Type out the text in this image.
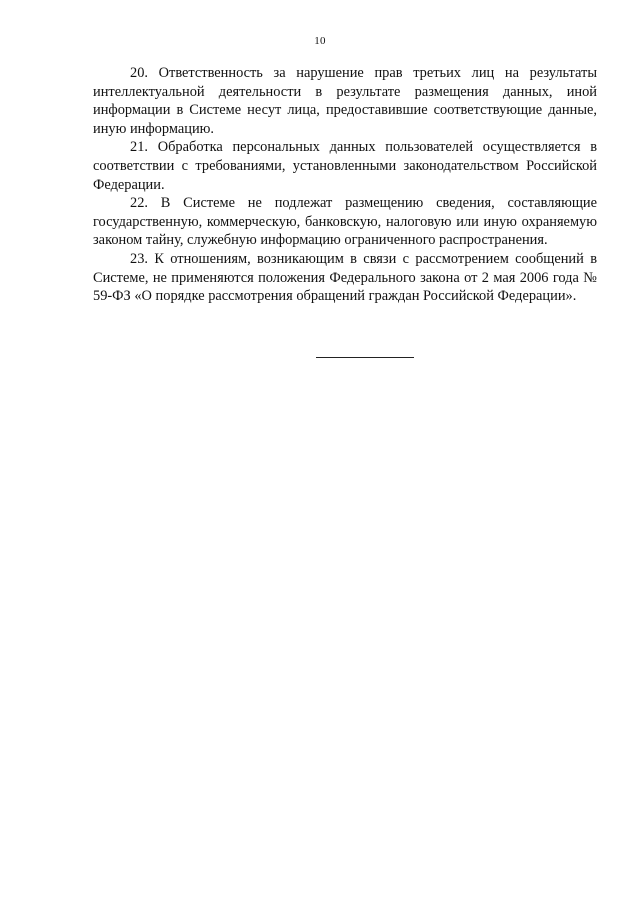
10

20. Ответственность за нарушение прав третьих лиц на результаты интеллектуальной деятельности в результате размещения данных, иной информации в Системе несут лица, предоставившие соответствующие данные, иную информацию.

21. Обработка персональных данных пользователей осуществляется в соответствии с требованиями, установленными законодательством Российской Федерации.

22. В Системе не подлежат размещению сведения, составляющие государственную, коммерческую, банковскую, налоговую или иную охраняемую законом тайну, служебную информацию ограниченного распространения.

23. К отношениям, возникающим в связи с рассмотрением сообщений в Системе, не применяются положения Федерального закона от 2 мая 2006 года № 59-ФЗ «О порядке рассмотрения обращений граждан Российской Федерации».
